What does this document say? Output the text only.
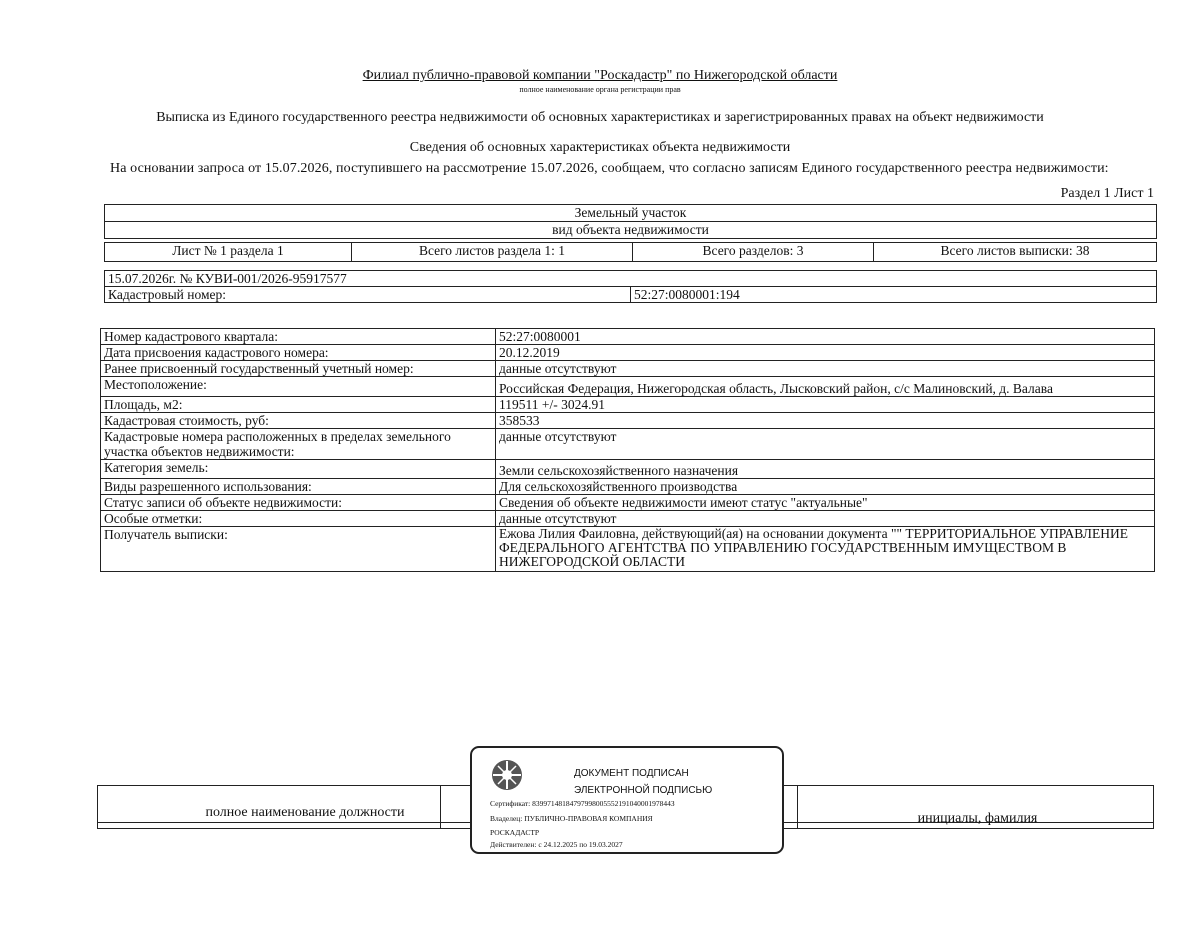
Филиал публично-правовой компании "Роскадастр" по Нижегородской области
полное наименование органа регистрации прав
Выписка из Единого государственного реестра недвижимости об основных характеристиках и зарегистрированных правах на объект недвижимости
Сведения об основных характеристиках объекта недвижимости
На основании запроса от 15.07.2026, поступившего на рассмотрение 15.07.2026, сообщаем, что согласно записям Единого государственного реестра недвижимости:
Раздел 1 Лист 1
Земельный участок
вид объекта недвижимости
Лист № 1 раздела 1	Всего листов раздела 1: 1	Всего разделов: 3	Всего листов выписки: 38
15.07.2026г. № КУВИ-001/2026-95917577
Кадастровый номер:	52:27:0080001:194
Номер кадастрового квартала:	52:27:0080001
Дата присвоения кадастрового номера:	20.12.2019
Ранее присвоенный государственный учетный номер:	данные отсутствуют
Местоположение:	Российская Федерация, Нижегородская область, Лысковский район, с/с Малиновский, д. Валава
Площадь, м2:	119511 +/- 3024.91
Кадастровая стоимость, руб:	358533
Кадастровые номера расположенных в пределах земельного участка объектов недвижимости:	данные отсутствуют
Категория земель:	Земли сельскохозяйственного назначения
Виды разрешенного использования:	Для сельскохозяйственного производства
Статус записи об объекте недвижимости:	Сведения об объекте недвижимости имеют статус "актуальные"
Особые отметки:	данные отсутствуют
Получатель выписки:	Ежова Лилия Фаиловна, действующий(ая) на основании документа "" ТЕРРИТОРИАЛЬНОЕ УПРАВЛЕНИЕ ФЕДЕРАЛЬНОГО АГЕНТСТВА ПО УПРАВЛЕНИЮ ГОСУДАРСТВЕННЫМ ИМУЩЕСТВОМ В НИЖЕГОРОДСКОЙ ОБЛАСТИ
полное наименование должности	инициалы, фамилия
ДОКУМЕНТ ПОДПИСАН
ЭЛЕКТРОННОЙ ПОДПИСЬЮ
Сертификат: 8399714818479799800555219104000197844З
Владелец: ПУБЛИЧНО-ПРАВОВАЯ КОМПАНИЯ
РОСКАДАСТР
Действителен: с 24.12.2025 по 19.03.2027
